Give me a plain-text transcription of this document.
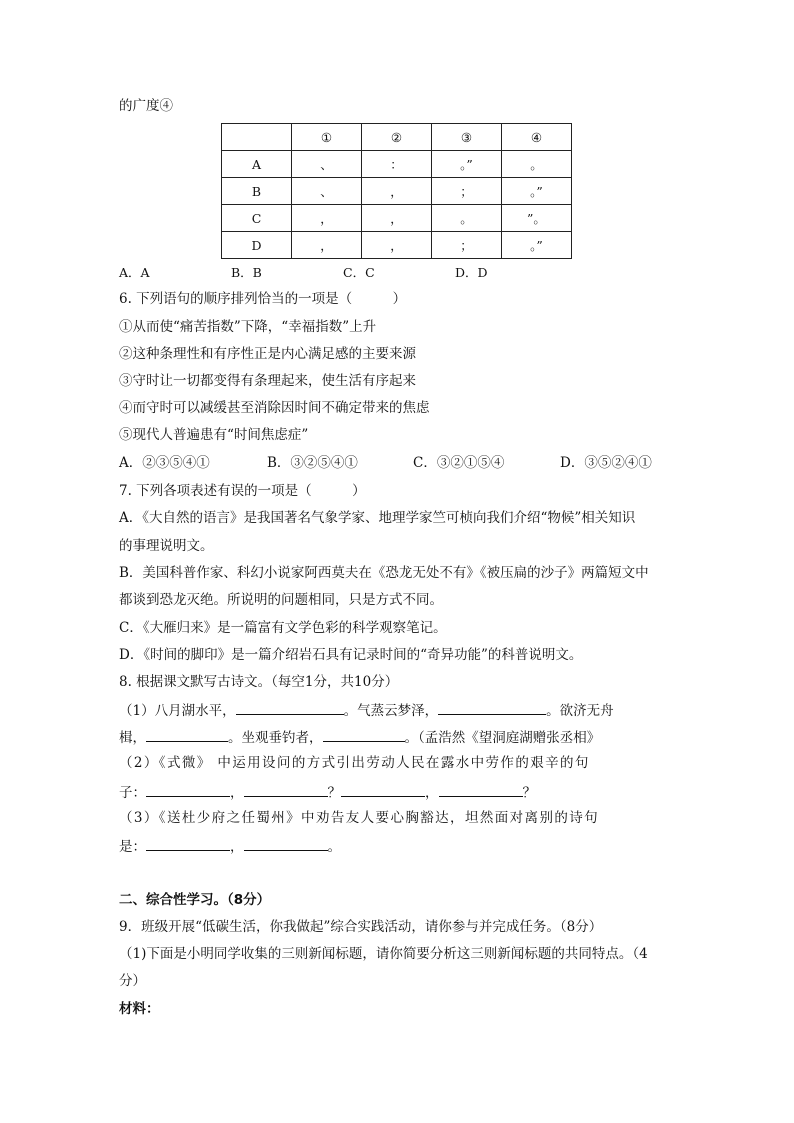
的广度④
	①	②	③	④
A	、	：	。”	。
B	、	，	；	。”
C	，	，	。	”。
D	，	，	；	。”
A．A	B．B	C．C	D．D
6. 下列语句的顺序排列恰当的一项是（　　　）
①从而使“痛苦指数”下降，“幸福指数”上升
②这种条理性和有序性正是内心满足感的主要来源
③守时让一切都变得有条理起来，使生活有序起来
④而守时可以减缓甚至消除因时间不确定带来的焦虑
⑤现代人普遍患有“时间焦虑症”
A．②③⑤④①	B．③②⑤④①	C．③②①⑤④	D．③⑤②④①
7. 下列各项表述有误的一项是（　　　）
A．《大自然的语言》是我国著名气象学家、地理学家竺可桢向我们介绍“物候”相关知识
的事理说明文。
B．美国科普作家、科幻小说家阿西莫夫在《恐龙无处不有》《被压扁的沙子》两篇短文中
都谈到恐龙灭绝。所说明的问题相同，只是方式不同。
C．《大雁归来》是一篇富有文学色彩的科学观察笔记。
D．《时间的脚印》是一篇介绍岩石具有记录时间的“奇异功能”的科普说明文。
8. 根据课文默写古诗文。（每空1分，共10分）
（1）八月湖水平，	。气蒸云梦泽，	。欲济无舟
楫，	。坐观垂钓者，	。（孟浩然《望洞庭湖赠张丞相》
（2）《式微》 中运用设问的方式引出劳动人民在露水中劳作的艰辛的句
子：	，	？	，	？
（3）《送杜少府之任蜀州》中劝告友人要心胸豁达，坦然面对离别的诗句
是：	，	。
二、综合性学习。（8分）
9．班级开展“低碳生活，你我做起”综合实践活动，请你参与并完成任务。（8分）
（1)下面是小明同学收集的三则新闻标题，请你简要分析这三则新闻标题的共同特点。（4
分）
材料：
